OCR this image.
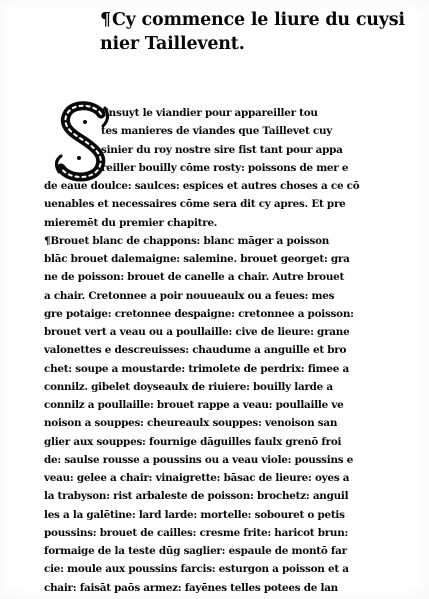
¶Cy commence le liure du cuysi
nier Taillevent.
Ensuyt le viandier pour appareiller tou
tes manieres de viandes que Taillevet cuy
sinier du roy nostre sire fist tant pour appa
reiller bouilly cōme rosty: poissons de mer e
de eaue doulce: saulces: espices et autres choses a ce cō
uenables et necessaires cōme sera dit cy apres. Et pre
mieremēt du premier chapitre.
¶Brouet blanc de chappons: blanc māger a poisson
blāc brouet dalemaigne: salemine. brouet georget: gra
ne de poisson: brouet de canelle a chair. Autre brouet
a chair. Cretonnee a poir nouueaulx ou a feues: mes
gre potaige: cretonnee despaigne: cretonnee a poisson:
brouet vert a veau ou a poullaille: cive de lieure: grane
valonettes e descreuisses: chaudume a anguille et bro
chet: soupe a moustarde: trimolete de perdrix: fimee a
connilz. gibelet doyseaulx de riuiere: bouilly larde a
connilz a poullaille: brouet rappe a veau: poullaille ve
noison a souppes: cheureaulx souppes: venoison san
glier aux souppes: fournige dāguilles faulx grenō froi
de: saulse rousse a poussins ou a veau viole: poussins e
veau: gelee a chair: vinaigrette: bāsac de lieure: oyes a
la trabyson: rist arbaleste de poisson: brochetz: anguil
les a la galētine: lard larde: mortelle: sobouret o petis
poussins: brouet de cailles: cresme frite: haricot brun:
formaige de la teste dūg saglier: espaule de montō far
cie: moule aux poussins farcis: esturgon a poisson et a
chair: faisāt paōs armez: fayēnes telles potees de lan
